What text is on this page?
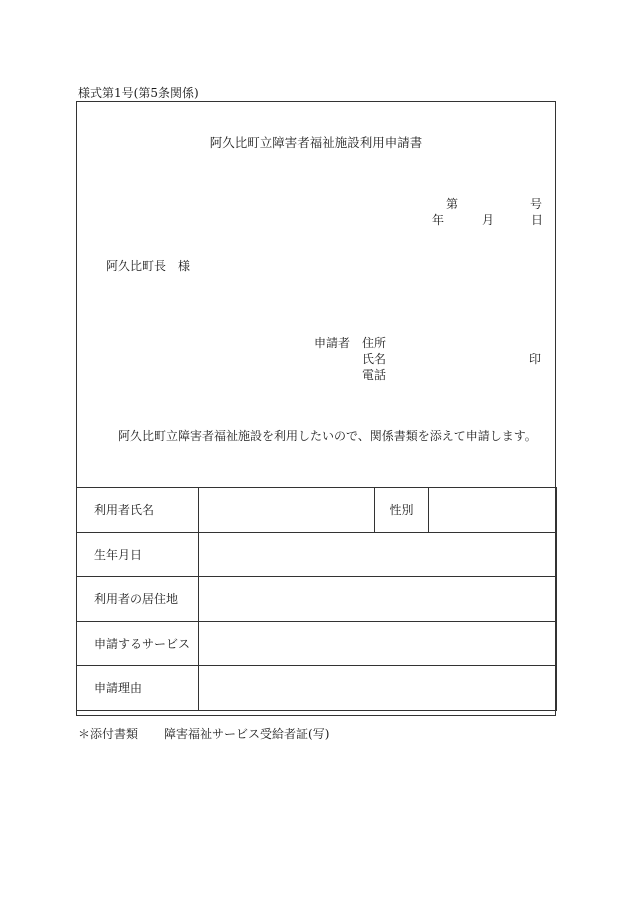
様式第1号(第5条関係)
阿久比町立障害者福祉施設利用申請書
第	号
年	月	日
阿久比町長　様
申請者 住所
氏名	印
電話
阿久比町立障害者福祉施設を利用したいので、関係書類を添えて申請します。
利用者氏名		性別	
生年月日			
利用者の居住地			
申請するサービス			
申請理由			
＊添付書類 障害福祉サービス受給者証(写)
